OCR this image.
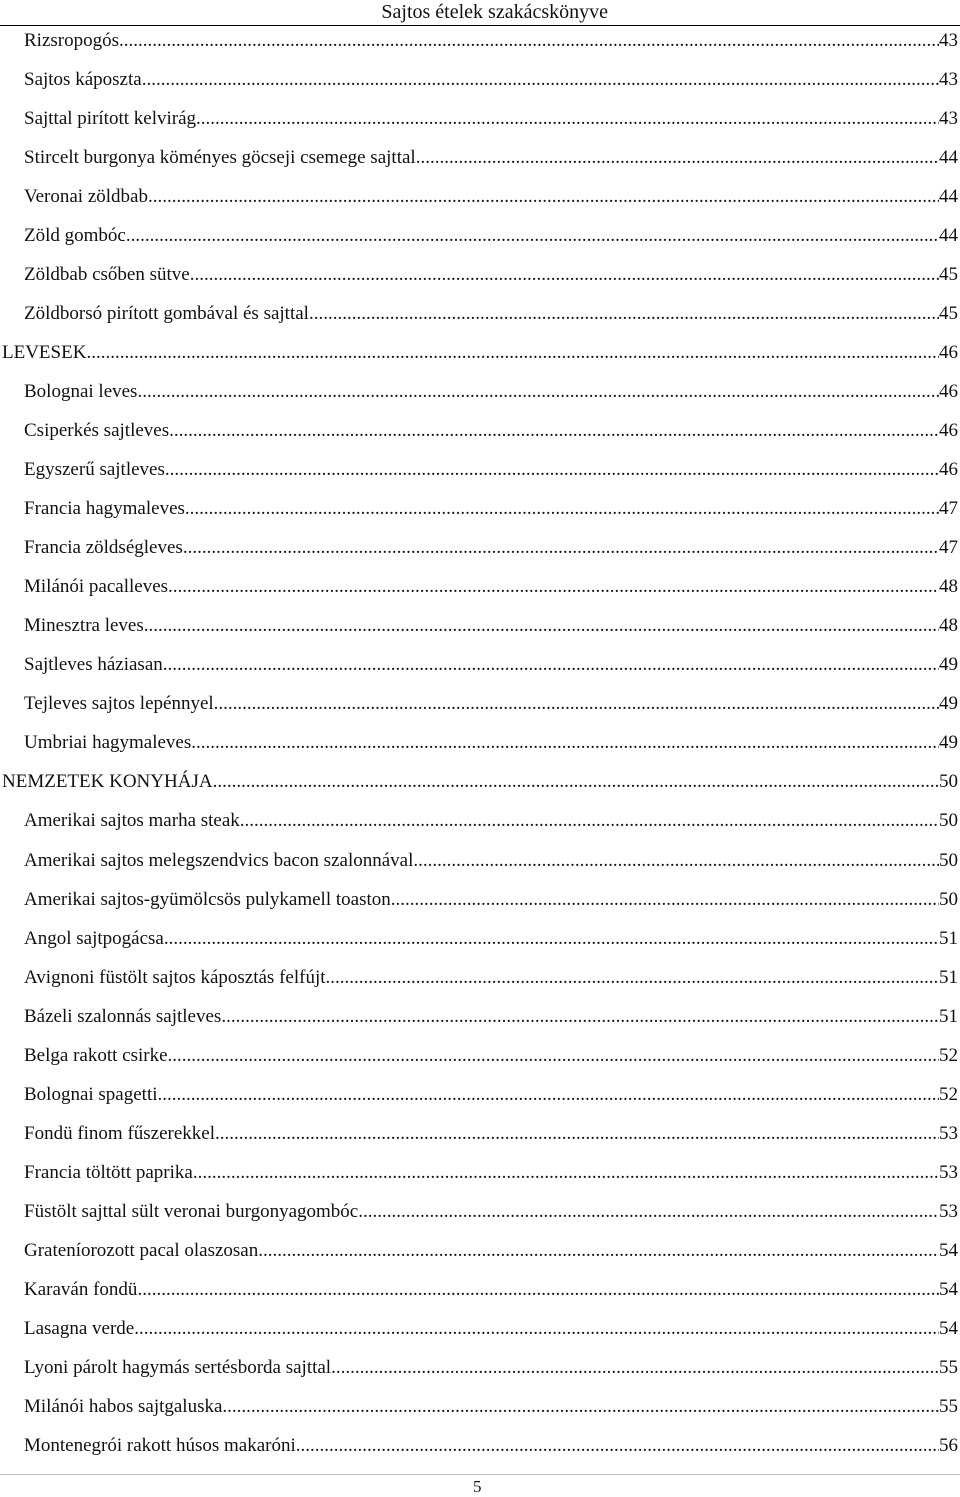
Sajtos ételek szakácskönyve
Rizsropogós .....	43
Sajtos káposzta .....	43
Sajttal pirított kelvirág .....	43
Stircelt burgonya köményes göcseji csemege sajttal .....	44
Veronai zöldbab .....	44
Zöld gombóc .....	44
Zöldbab csőben sütve .....	45
Zöldborsó pirított gombával és sajttal .....	45
LEVESEK .....	46
Bolognai leves .....	46
Csiperkés sajtleves .....	46
Egyszerű sajtleves .....	46
Francia hagymaleves .....	47
Francia zöldségleves .....	47
Milánói pacalleves .....	48
Minesztra leves .....	48
Sajtleves háziasan .....	49
Tejleves sajtos lepénnyel .....	49
Umbriai hagymaleves .....	49
NEMZETEK KONYHÁJA .....	50
Amerikai sajtos marha steak .....	50
Amerikai sajtos melegszendvics bacon szalonnával .....	50
Amerikai sajtos-gyümölcsös pulykamell toaston .....	50
Angol sajtpogácsa .....	51
Avignoni füstölt sajtos káposztás felfújt .....	51
Bázeli szalonnás sajtleves .....	51
Belga rakott csirke .....	52
Bolognai spagetti .....	52
Fondü finom fűszerekkel .....	53
Francia töltött paprika .....	53
Füstölt sajttal sült veronai burgonyagombóc .....	53
Grateníorozott pacal olaszosan .....	54
Karaván fondü .....	54
Lasagna verde .....	54
Lyoni párolt hagymás sertésborda sajttal .....	55
Milánói habos sajtgaluska .....	55
Montenegrói rakott húsos makaróni .....	56
5
